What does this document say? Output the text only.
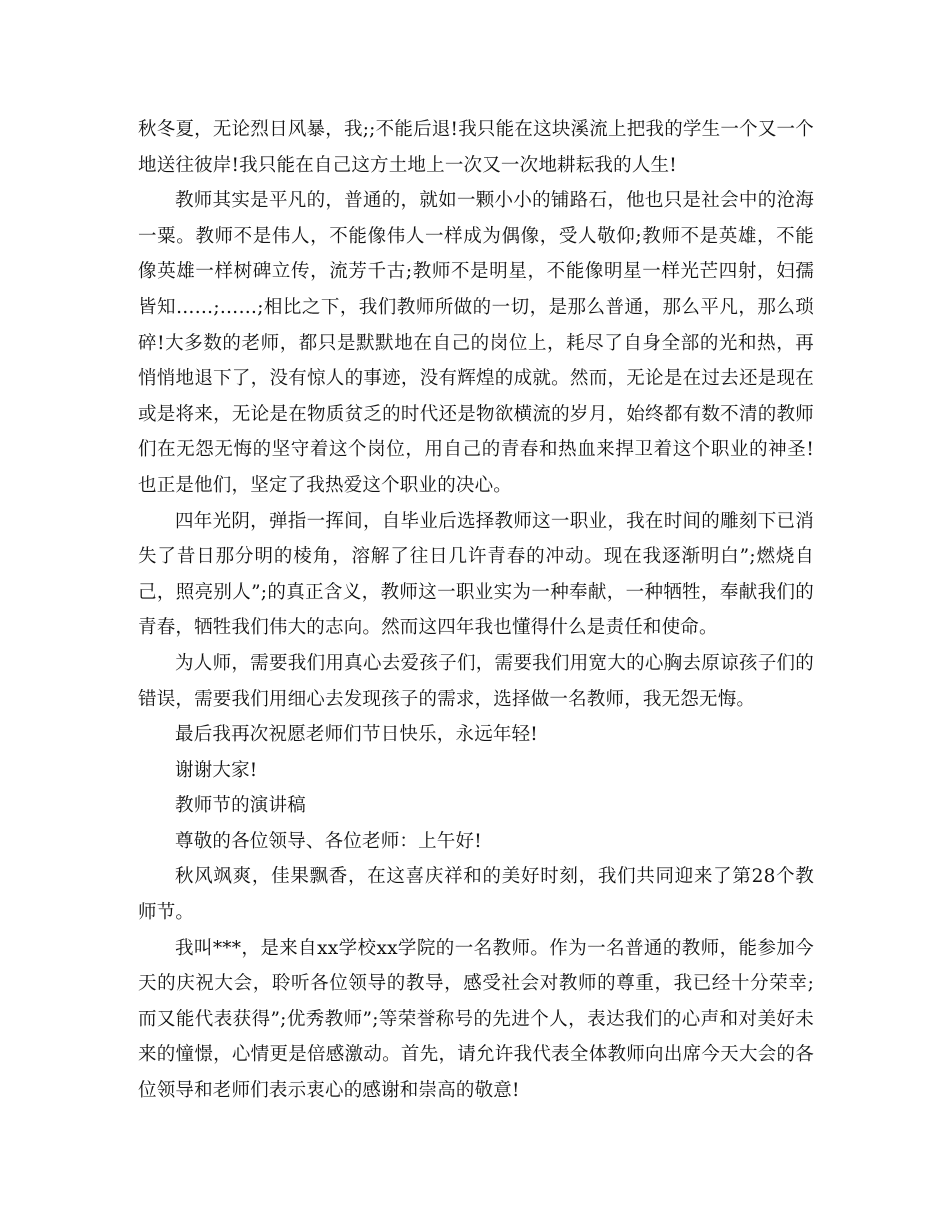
秋冬夏，无论烈日风暴，我;;不能后退!我只能在这块溪流上把我的学生一个又一个地送往彼岸!我只能在自己这方土地上一次又一次地耕耘我的人生!

教师其实是平凡的，普通的，就如一颗小小的铺路石，他也只是社会中的沧海一粟。教师不是伟人，不能像伟人一样成为偶像，受人敬仰;教师不是英雄，不能像英雄一样树碑立传，流芳千古;教师不是明星，不能像明星一样光芒四射，妇孺皆知……;……;相比之下，我们教师所做的一切，是那么普通，那么平凡，那么琐碎!大多数的老师，都只是默默地在自己的岗位上，耗尽了自身全部的光和热，再悄悄地退下了，没有惊人的事迹，没有辉煌的成就。然而，无论是在过去还是现在或是将来，无论是在物质贫乏的时代还是物欲横流的岁月，始终都有数不清的教师们在无怨无悔的坚守着这个岗位，用自己的青春和热血来捍卫着这个职业的神圣!也正是他们，坚定了我热爱这个职业的决心。

四年光阴，弹指一挥间，自毕业后选择教师这一职业，我在时间的雕刻下已消失了昔日那分明的棱角，溶解了往日几许青春的冲动。现在我逐渐明白”;燃烧自己，照亮别人”;的真正含义，教师这一职业实为一种奉献，一种牺牲，奉献我们的青春，牺牲我们伟大的志向。然而这四年我也懂得什么是责任和使命。

为人师，需要我们用真心去爱孩子们，需要我们用宽大的心胸去原谅孩子们的错误，需要我们用细心去发现孩子的需求，选择做一名教师，我无怨无悔。

最后我再次祝愿老师们节日快乐，永远年轻!

谢谢大家!

教师节的演讲稿

尊敬的各位领导、各位老师：上午好!

秋风飒爽，佳果飘香，在这喜庆祥和的美好时刻，我们共同迎来了第28个教师节。

我叫***，是来自xx学校xx学院的一名教师。作为一名普通的教师，能参加今天的庆祝大会，聆听各位领导的教导，感受社会对教师的尊重，我已经十分荣幸;而又能代表获得”;优秀教师”;等荣誉称号的先进个人，表达我们的心声和对美好未来的憧憬，心情更是倍感激动。首先，请允许我代表全体教师向出席今天大会的各位领导和老师们表示衷心的感谢和崇高的敬意!
